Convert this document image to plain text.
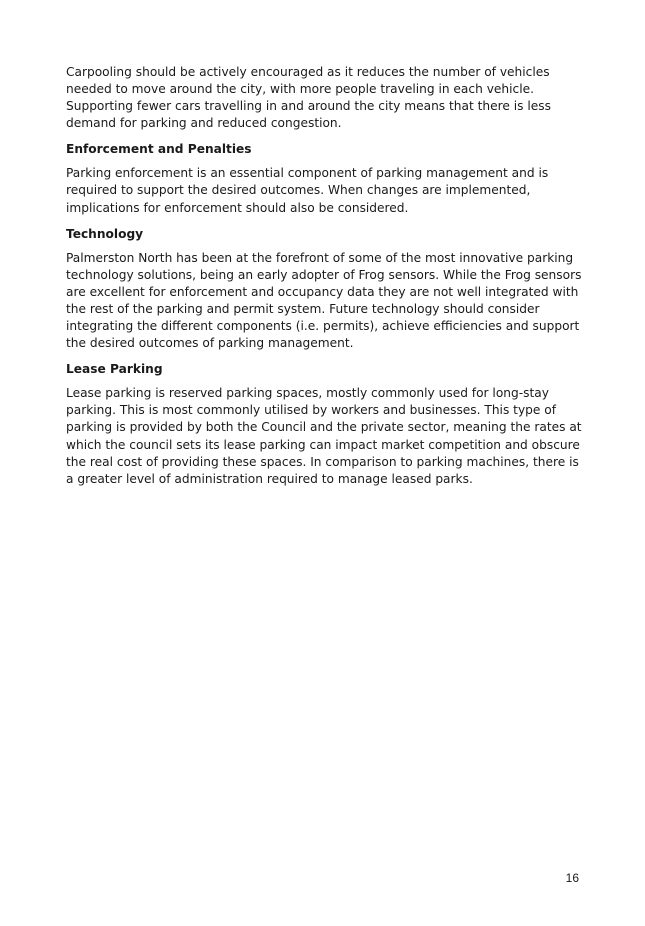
Carpooling should be actively encouraged as it reduces the number of vehicles needed to move around the city, with more people traveling in each vehicle. Supporting fewer cars travelling in and around the city means that there is less demand for parking and reduced congestion.

Enforcement and Penalties

Parking enforcement is an essential component of parking management and is required to support the desired outcomes. When changes are implemented, implications for enforcement should also be considered.

Technology

Palmerston North has been at the forefront of some of the most innovative parking technology solutions, being an early adopter of Frog sensors. While the Frog sensors are excellent for enforcement and occupancy data they are not well integrated with the rest of the parking and permit system. Future technology should consider integrating the different components (i.e. permits), achieve efficiencies and support the desired outcomes of parking management.

Lease Parking

Lease parking is reserved parking spaces, mostly commonly used for long-stay parking. This is most commonly utilised by workers and businesses. This type of parking is provided by both the Council and the private sector, meaning the rates at which the council sets its lease parking can impact market competition and obscure the real cost of providing these spaces. In comparison to parking machines, there is a greater level of administration required to manage leased parks.

16
